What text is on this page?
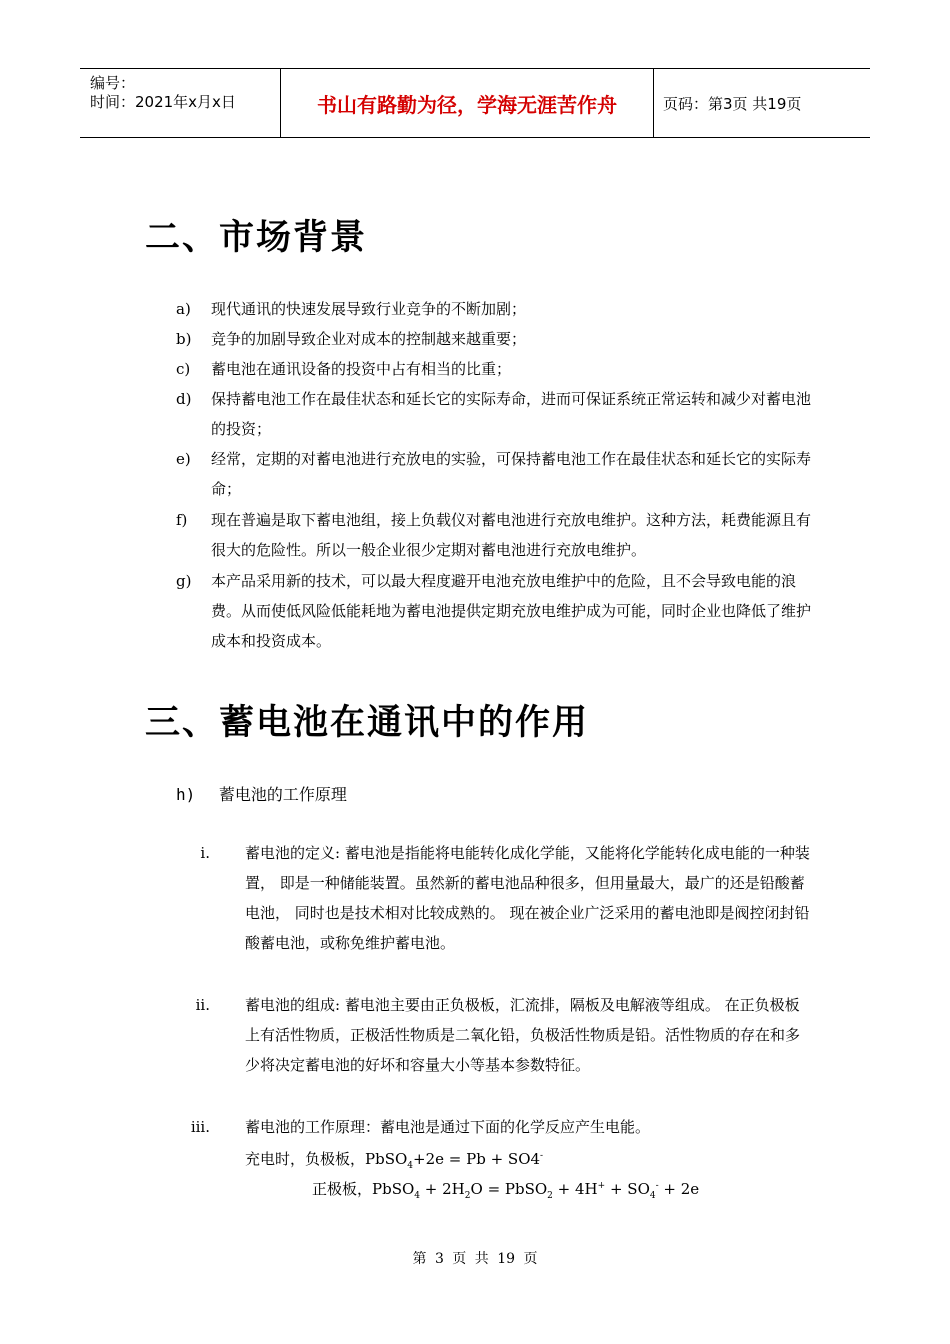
编号：
时间：2021年x月x日	书山有路勤为径，学海无涯苦作舟	页码：第3页 共19页
二、市场背景
a)	现代通讯的快速发展导致行业竞争的不断加剧；
b)	竞争的加剧导致企业对成本的控制越来越重要；
c)	蓄电池在通讯设备的投资中占有相当的比重；
d)	保持蓄电池工作在最佳状态和延长它的实际寿命，进而可保证系统正常运转和减少对蓄电池的投资；
e)	经常，定期的对蓄电池进行充放电的实验，可保持蓄电池工作在最佳状态和延长它的实际寿命；
f)	现在普遍是取下蓄电池组，接上负载仪对蓄电池进行充放电维护。这种方法，耗费能源且有很大的危险性。所以一般企业很少定期对蓄电池进行充放电维护。
g)	本产品采用新的技术，可以最大程度避开电池充放电维护中的危险，且不会导致电能的浪费。从而使低风险低能耗地为蓄电池提供定期充放电维护成为可能，同时企业也降低了维护成本和投资成本。
三、蓄电池在通讯中的作用
h) 蓄电池的工作原理
i. 蓄电池的定义: 蓄电池是指能将电能转化成化学能，又能将化学能转化成电能的一种装置， 即是一种储能装置。虽然新的蓄电池品种很多，但用量最大，最广的还是铅酸蓄电池， 同时也是技术相对比较成熟的。 现在被企业广泛采用的蓄电池即是阀控闭封铅酸蓄电池，或称免维护蓄电池。
ii. 蓄电池的组成: 蓄电池主要由正负极板，汇流排，隔板及电解液等组成。 在正负极板上有活性物质，正极活性物质是二氧化铅，负极活性物质是铅。活性物质的存在和多少将决定蓄电池的好坏和容量大小等基本参数特征。
iii. 蓄电池的工作原理：蓄电池是通过下面的化学反应产生电能。
充电时，负极板，PbSO$_4$+2e = Pb + SO4-
正极板，PbSO$_4$ + $2H_2O$ = PbSO$_2$ + $4H^+ + SO_4^- + 2e$
第 3 页 共 19 页
